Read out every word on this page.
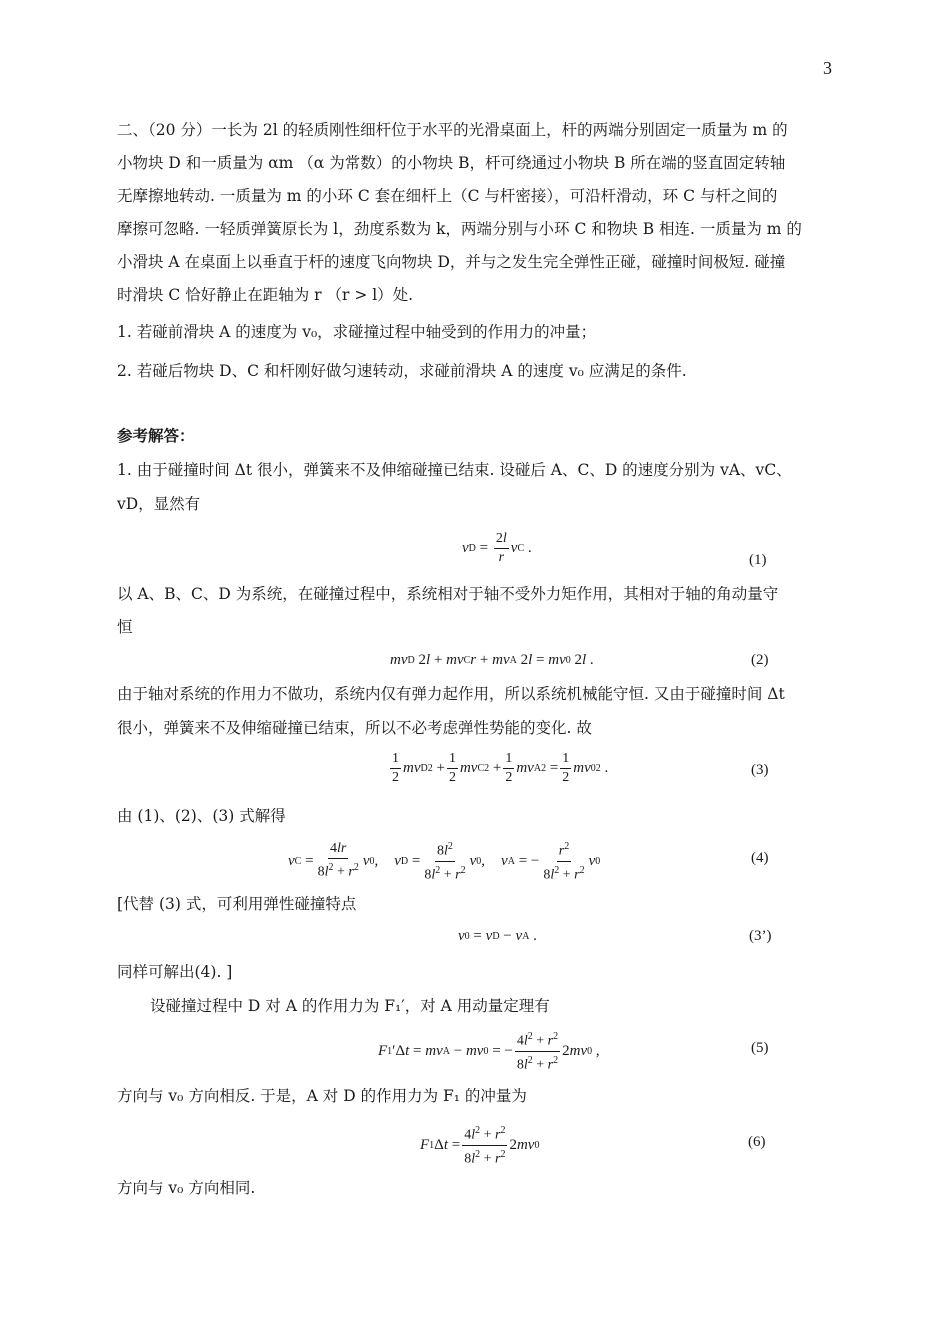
3
二、（20 分）一长为 2l 的轻质刚性细杆位于水平的光滑桌面上，杆的两端分别固定一质量为 m 的
小物块 D 和一质量为 αm （α 为常数）的小物块 B，杆可绕通过小物块 B 所在端的竖直固定转轴
无摩擦地转动. 一质量为 m 的小环 C 套在细杆上（C 与杆密接），可沿杆滑动，环 C 与杆之间的
摩擦可忽略. 一轻质弹簧原长为 l，劲度系数为 k，两端分别与小环 C 和物块 B 相连. 一质量为 m 的
小滑块 A 在桌面上以垂直于杆的速度飞向物块 D，并与之发生完全弹性正碰，碰撞时间极短. 碰撞
时滑块 C 恰好静止在距轴为 r （r > l）处.
1. 若碰前滑块 A 的速度为 v₀，求碰撞过程中轴受到的作用力的冲量；
2. 若碰后物块 D、C 和杆刚好做匀速转动，求碰前滑块 A 的速度 v₀ 应满足的条件.
参考解答：
1. 由于碰撞时间 Δt 很小，弹簧来不及伸缩碰撞已结束. 设碰后 A、C、D 的速度分别为 vA、vC、
vD，显然有
v $D = \frac{2l}{r}$ v C .
(1)
以 A、B、C、D 为系统，在碰撞过程中，系统相对于轴不受外力矩作用，其相对于轴的角动量守
恒
mv D 2 l + mv C r + mv A 2 l = mv 0 2 l .	(2)
由于轴对系统的作用力不做功，系统内仅有弹力起作用，所以系统机械能守恒. 又由于碰撞时间 Δt
很小，弹簧来不及伸缩碰撞已结束，所以不必考虑弹性势能的变化. 故
$\frac{1}{2}$ mv D $2 + \frac{1}{2}$ mv C $2 + \frac{1}{2}$ mv A $2 = \frac{1}{2}$ mv 0 2 .	(3)
由 (1)、(2)、(3) 式解得
v $C = \frac{4lr}{8l^2 + r^2}$ v 0 , v $D = \frac{8l^2}{8l^2 + r^2}$ v 0 , v A = − $\frac{r^2}{8l^2 + r^2}$ v 0	(4)
[代替 (3) 式，可利用弹性碰撞特点
v 0 = v D − v A .	(3’)
同样可解出(4). ]
设碰撞过程中 D 对 A 的作用力为 F₁′，对 A 用动量定理有
F 1 ′Δ t = mv A − mv 0 = − $\frac{4l^2 + r^2}{8l^2 + r^2} 2$ mv 0 ,	(5)
方向与 v₀ 方向相反. 于是，A 对 D 的作用力为 F₁ 的冲量为
F 1 Δ $t = \frac{4l^2 + r^2}{8l^2 + r^2} 2$ mv 0	(6)
方向与 v₀ 方向相同.
